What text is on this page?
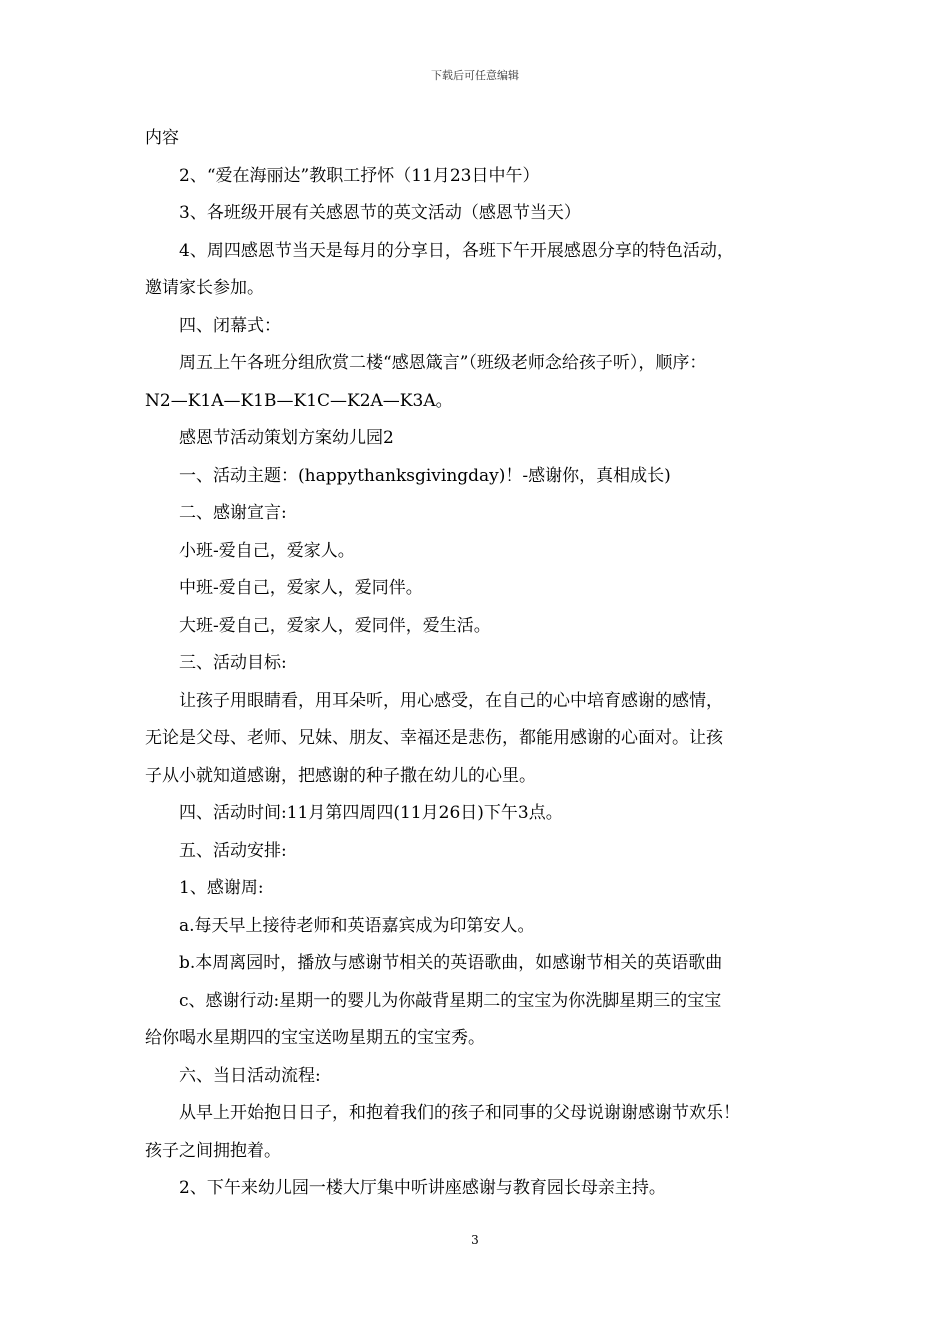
下载后可任意编辑

内容

2、“爱在海丽达”教职工抒怀（11月23日中午）

3、各班级开展有关感恩节的英文活动（感恩节当天）

4、周四感恩节当天是每月的分享日，各班下午开展感恩分享的特色活动，

邀请家长参加。

四、闭幕式：

周五上午各班分组欣赏二楼“感恩箴言”（班级老师念给孩子听），顺序：

N2—K1A—K1B—K1C—K2A—K3A。

感恩节活动策划方案幼儿园2

一、活动主题：(happythanksgivingday)！-感谢你，真相成长)

二、感谢宣言:

小班-爱自己，爱家人。

中班-爱自己，爱家人，爱同伴。

大班-爱自己，爱家人，爱同伴，爱生活。

三、活动目标:

让孩子用眼睛看，用耳朵听，用心感受，在自己的心中培育感谢的感情，

无论是父母、老师、兄妹、朋友、幸福还是悲伤，都能用感谢的心面对。让孩

子从小就知道感谢，把感谢的种子撒在幼儿的心里。

四、活动时间:11月第四周四(11月26日)下午3点。

五、活动安排:

1、感谢周:

a.每天早上接待老师和英语嘉宾成为印第安人。

b.本周离园时，播放与感谢节相关的英语歌曲，如感谢节相关的英语歌曲

c、感谢行动:星期一的婴儿为你敲背星期二的宝宝为你洗脚星期三的宝宝

给你喝水星期四的宝宝送吻星期五的宝宝秀。

六、当日活动流程:

从早上开始抱日日子，和抱着我们的孩子和同事的父母说谢谢感谢节欢乐！

孩子之间拥抱着。

2、下午来幼儿园一楼大厅集中听讲座感谢与教育园长母亲主持。

3
